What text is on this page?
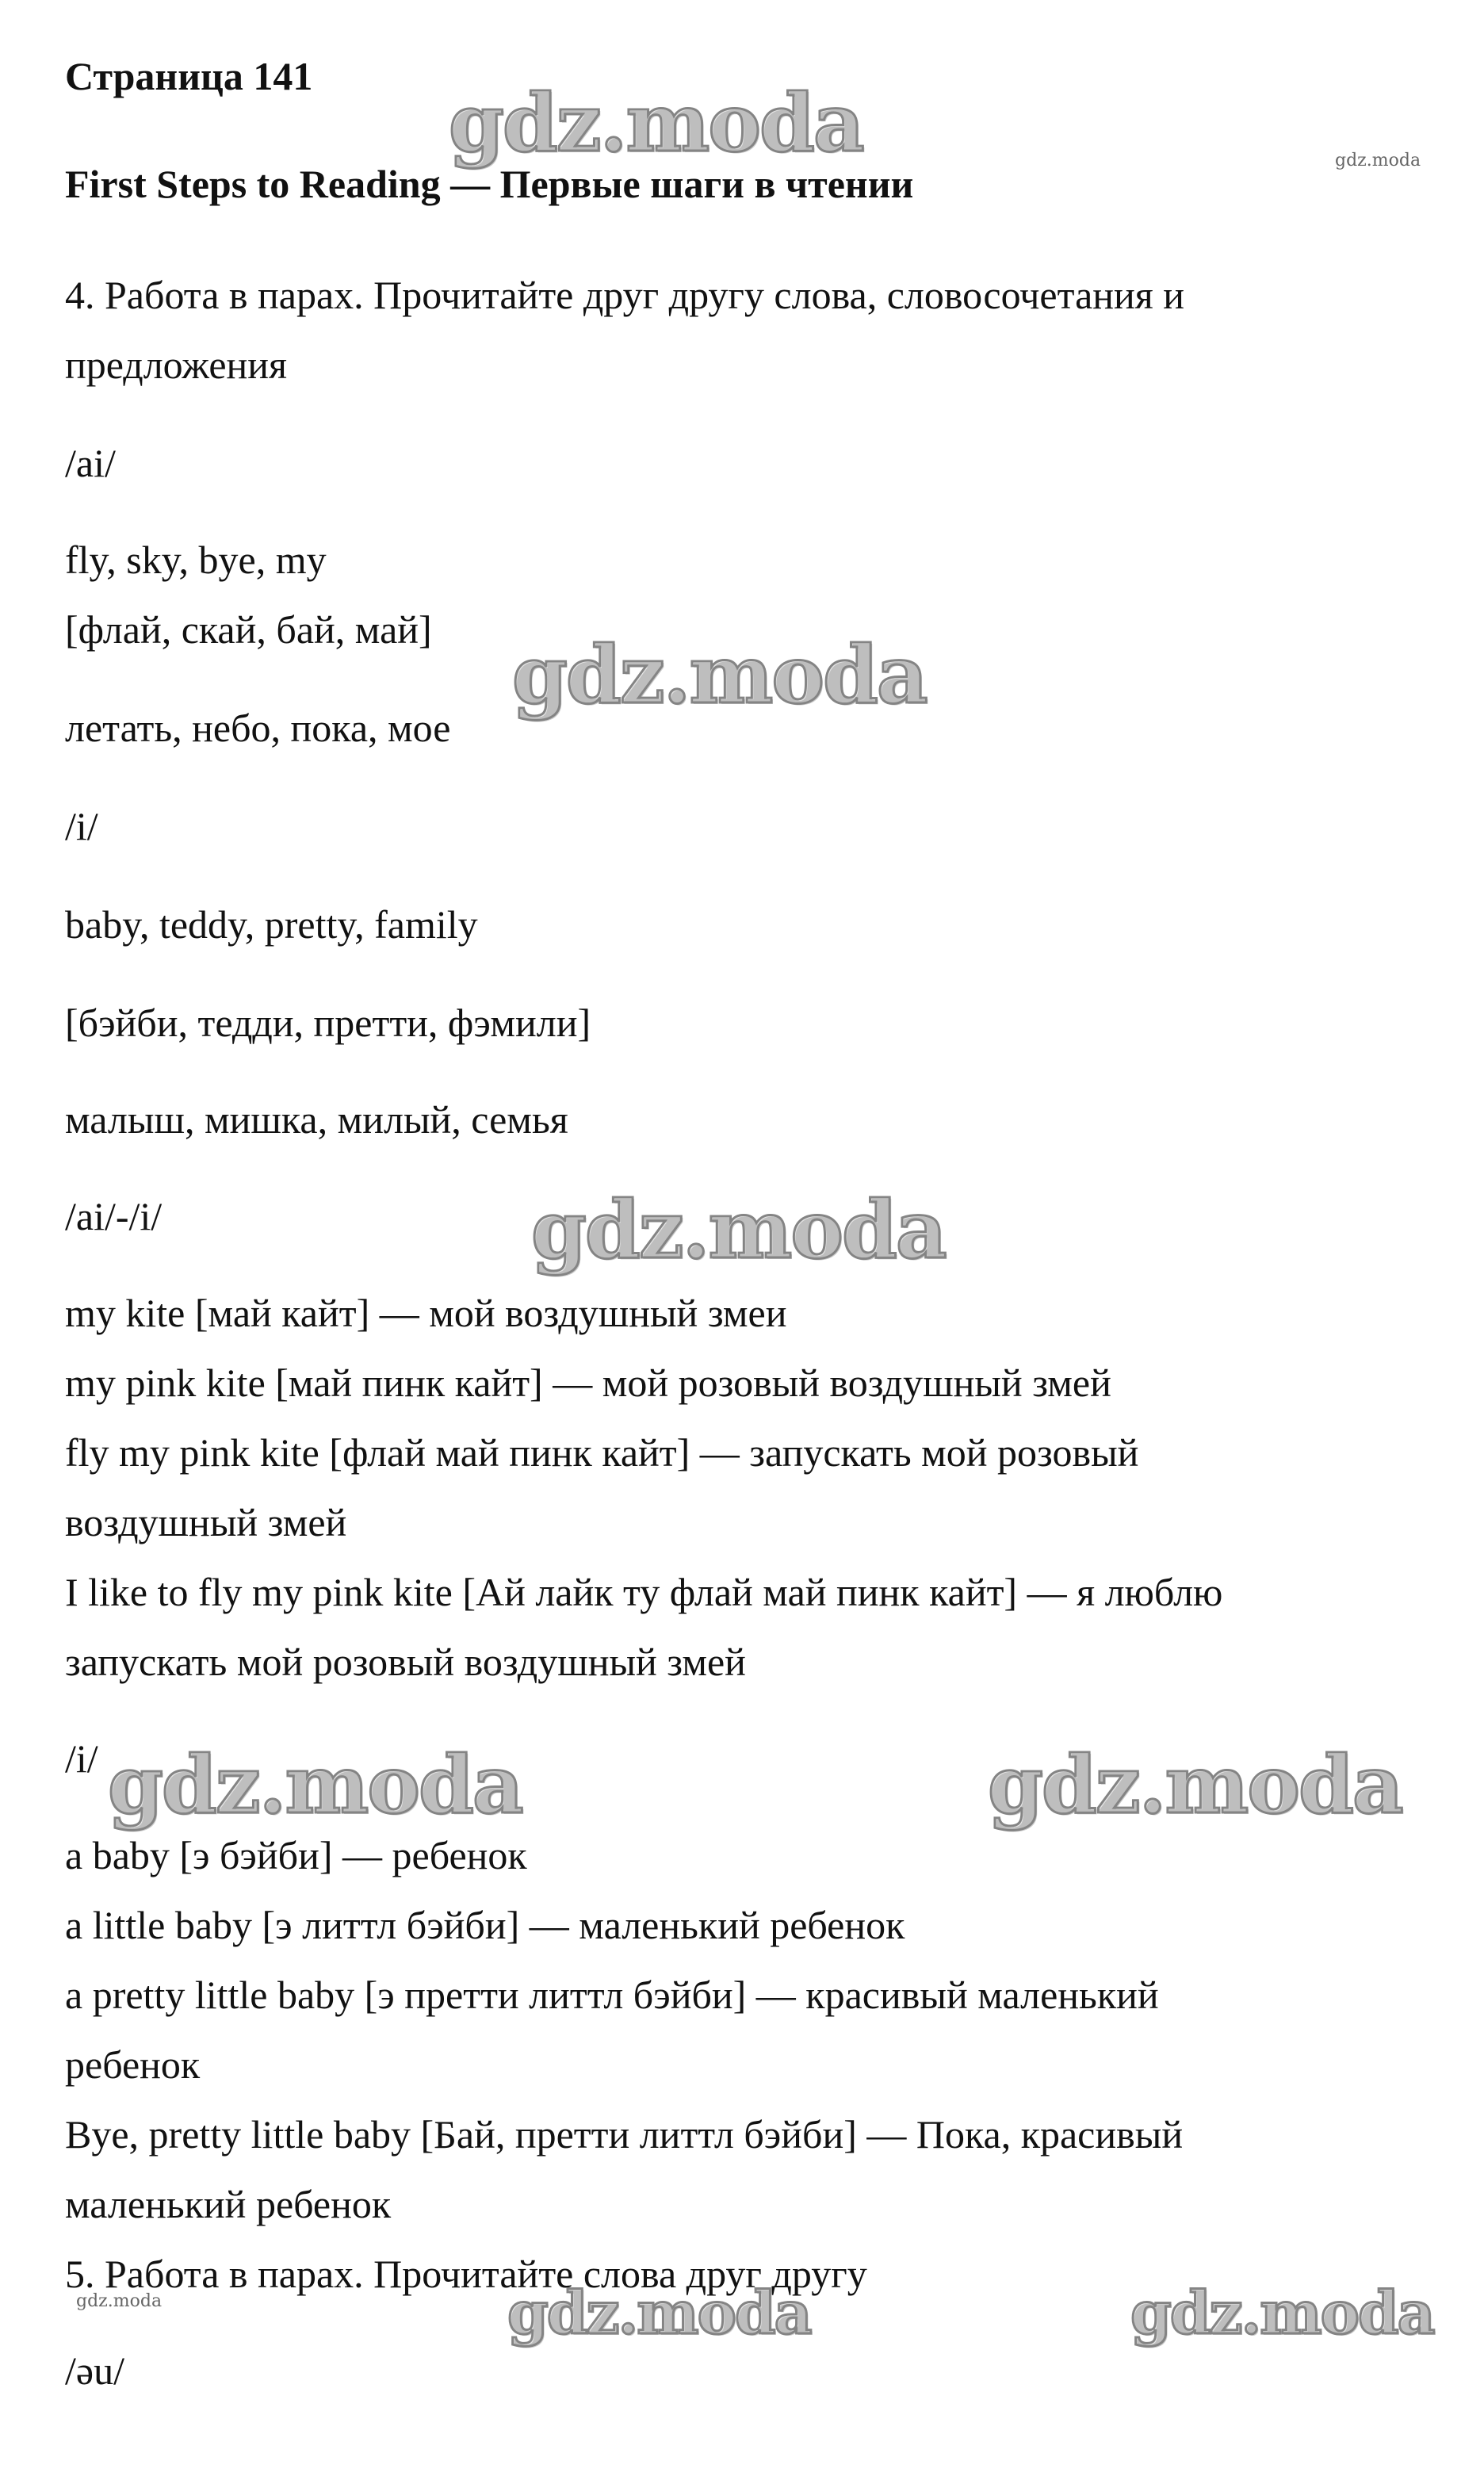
Страница 141
First Steps to Reading — Первые шаги в чтении
4. Работа в парах. Прочитайте друг другу слова, словосочетания и
предложения
/ai/
fly, sky, bye, my
[флай, скай, бай, май]
летать, небо, пока, мое
/i/
baby, teddy, pretty, family
[бэйби, тедди, претти, фэмили]
малыш, мишка, милый, семья
/ai/-/i/
my kite [май кайт] — мой воздушный змеи
my pink kite [май пинк кайт] — мой розовый воздушный змей
fly my pink kite [флай май пинк кайт] — запускать мой розовый
воздушный змей
I like to fly my pink kite [Ай лайк ту флай май пинк кайт] — я люблю
запускать мой розовый воздушный змей
/i/
a baby [э бэйби] — ребенок
a little baby [э литтл бэйби] — маленький ребенок
a pretty little baby [э претти литтл бэйби] — красивый маленький
ребенок
Bye, pretty little baby [Бай, претти литтл бэйби] — Пока, красивый
маленький ребенок
5. Работа в парах. Прочитайте слова друг другу
/əu/
gdz.moda	gdz.moda
gdz.moda
gdz.moda
gdz.moda	gdz.moda
gdz.moda	gdz.moda	gdz.moda
